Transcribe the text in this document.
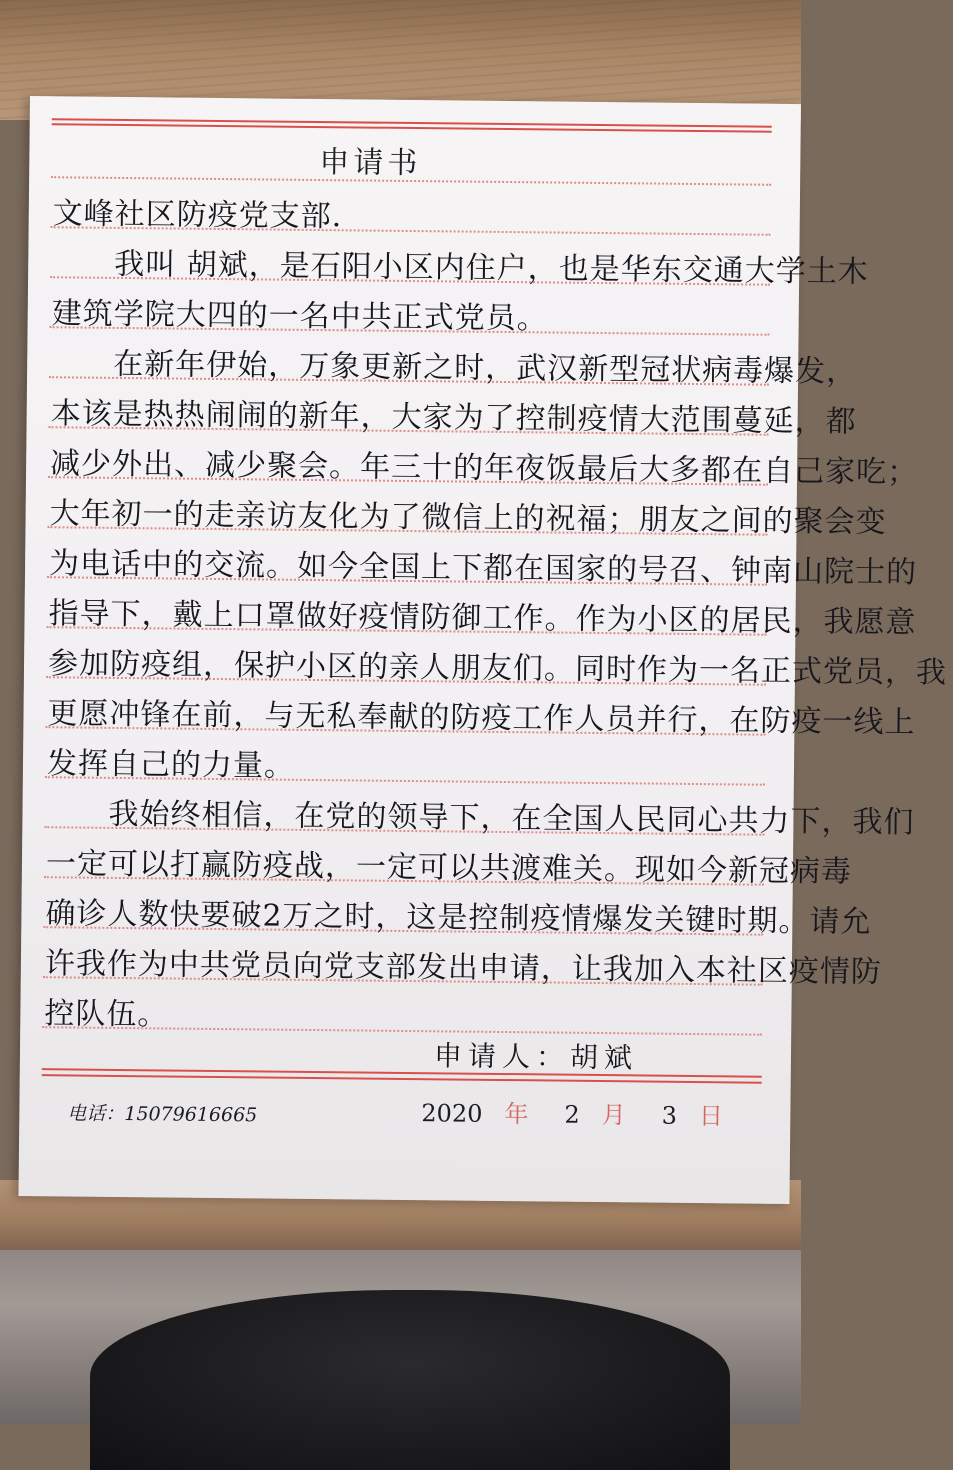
申请书
文峰社区防疫党支部.
　　我叫 胡斌，是石阳小区内住户，也是华东交通大学土木
建筑学院大四的一名中共正式党员。
　　在新年伊始，万象更新之时，武汉新型冠状病毒爆发，
本该是热热闹闹的新年，大家为了控制疫情大范围蔓延，都
减少外出、减少聚会。年三十的年夜饭最后大多都在自己家吃；
大年初一的走亲访友化为了微信上的祝福；朋友之间的聚会变
为电话中的交流。如今全国上下都在国家的号召、钟南山院士的
指导下，戴上口罩做好疫情防御工作。作为小区的居民，我愿意
参加防疫组，保护小区的亲人朋友们。同时作为一名正式党员，我
更愿冲锋在前，与无私奉献的防疫工作人员并行，在防疫一线上
发挥自己的力量。
　　我始终相信，在党的领导下，在全国人民同心共力下，我们
一定可以打赢防疫战，一定可以共渡难关。现如今新冠病毒
确诊人数快要破2万之时，这是控制疫情爆发关键时期。请允
许我作为中共党员向党支部发出申请，让我加入本社区疫情防
控队伍。
申请人：胡斌
电话：15079616665	2020 年 2 月 3 日
